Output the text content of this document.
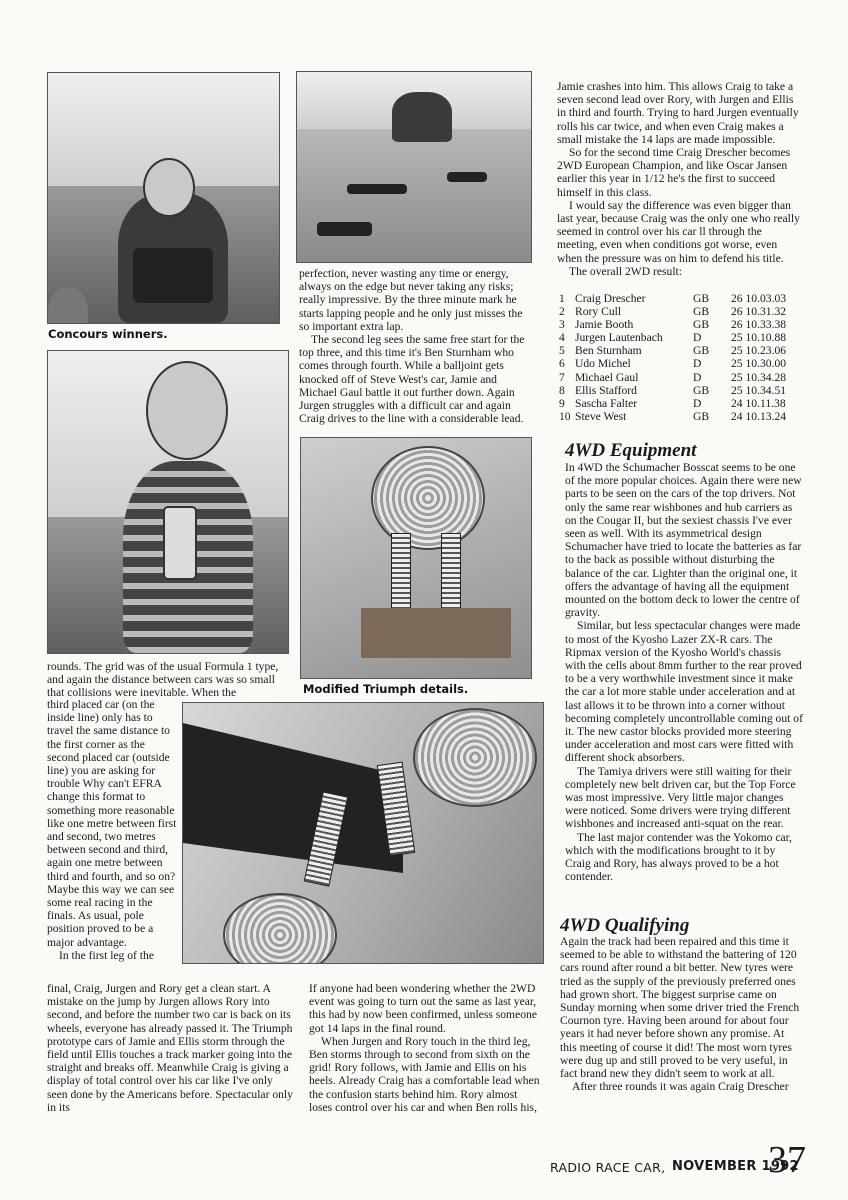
Concours winners.
Modified Triumph details.

rounds. The grid was of the usual Formula 1 type, and again the distance between cars was so small that collisions were inevitable. When the

third placed car (on the inside line) only has to travel the same distance to the first corner as the second placed car (outside line) you are asking for trouble Why can't EFRA change this format to something more reasonable like one metre between first and second, two metres between second and third, again one metre between third and fourth, and so on? Maybe this way we can see some real racing in the finals. As usual, pole position proved to be a major advantage.

In the first leg of the

final, Craig, Jurgen and Rory get a clean start. A mistake on the jump by Jurgen allows Rory into second, and before the number two car is back on its wheels, everyone has already passed it. The Triumph prototype cars of Jamie and Ellis storm through the field until Ellis touches a track marker going into the straight and breaks off. Meanwhile Craig is giving a display of total control over his car like I've only seen done by the Americans before. Spectacular only in its

perfection, never wasting any time or energy, always on the edge but never taking any risks; really impressive. By the three minute mark he starts lapping people and he only just misses the so important extra lap.

The second leg sees the same free start for the top three, and this time it's Ben Sturnham who comes through fourth. While a balljoint gets knocked off of Steve West's car, Jamie and Michael Gaul battle it out further down. Again Jurgen struggles with a difficult car and again Craig drives to the line with a considerable lead.

If anyone had been wondering whether the 2WD event was going to turn out the same as last year, this had by now been confirmed, unless someone got 14 laps in the final round.

When Jurgen and Rory touch in the third leg, Ben storms through to second from sixth on the grid! Rory follows, with Jamie and Ellis on his heels. Already Craig has a comfortable lead when the confusion starts behind him. Rory almost loses control over his car and when Ben rolls his,

Jamie crashes into him. This allows Craig to take a seven second lead over Rory, with Jurgen and Ellis in third and fourth. Trying to hard Jurgen eventually rolls his car twice, and when even Craig makes a small mistake the 14 laps are made impossible.

So for the second time Craig Drescher becomes 2WD European Champion, and like Oscar Jansen earlier this year in 1/12 he's the first to succeed himself in this class.

I would say the difference was even bigger than last year, because Craig was the only one who really seemed in control over his car ll through the meeting, even when conditions got worse, even when the pressure was on him to defend his title.

The overall 2WD result:

1	Craig Drescher	GB	26 10.03.03
2	Rory Cull	GB	26 10.31.32
3	Jamie Booth	GB	26 10.33.38
4	Jurgen Lautenbach	D	25 10.10.88
5	Ben Sturnham	GB	25 10.23.06
6	Udo Michel	D	25 10.30.00
7	Michael Gaul	D	25 10.34.28
8	Ellis Stafford	GB	25 10.34.51
9	Sascha Falter	D	24 10.11.38
10	Steve West	GB	24 10.13.24
4WD Equipment

In 4WD the Schumacher Bosscat seems to be one of the more popular choices. Again there were new parts to be seen on the cars of the top drivers. Not only the same rear wishbones and hub carriers as on the Cougar II, but the sexiest chassis I've ever seen as well. With its asymmetrical design Schumacher have tried to locate the batteries as far to the back as possible without disturbing the balance of the car. Lighter than the original one, it offers the advantage of having all the equipment mounted on the bottom deck to lower the centre of gravity.

Similar, but less spectacular changes were made to most of the Kyosho Lazer ZX-R cars. The Ripmax version of the Kyosho World's chassis with the cells about 8mm further to the rear proved to be a very worthwhile investment since it make the car a lot more stable under acceleration and at last allows it to be thrown into a corner without becoming completely uncontrollable coming out of it. The new castor blocks provided more steering under acceleration and most cars were fitted with different shock absorbers.

The Tamiya drivers were still waiting for their completely new belt driven car, but the Top Force was most impressive. Very little major changes were noticed. Some drivers were trying different wishbones and increased anti-squat on the rear.

The last major contender was the Yokomo car, which with the modifications brought to it by Craig and Rory, has always proved to be a hot contender.

4WD Qualifying

Again the track had been repaired and this time it seemed to be able to withstand the battering of 120 cars round after round a bit better. New tyres were tried as the supply of the previously preferred ones had grown short. The biggest surprise came on Sunday morning when some driver tried the French Cournon tyre. Having been around for about four years it had never before shown any promise. At this meeting of course it did! The most worn tyres were dug up and still proved to be very useful, in fact brand new they didn't seem to work at all.

After three rounds it was again Craig Drescher

RADIO RACE CAR, NOVEMBER 1992
37
